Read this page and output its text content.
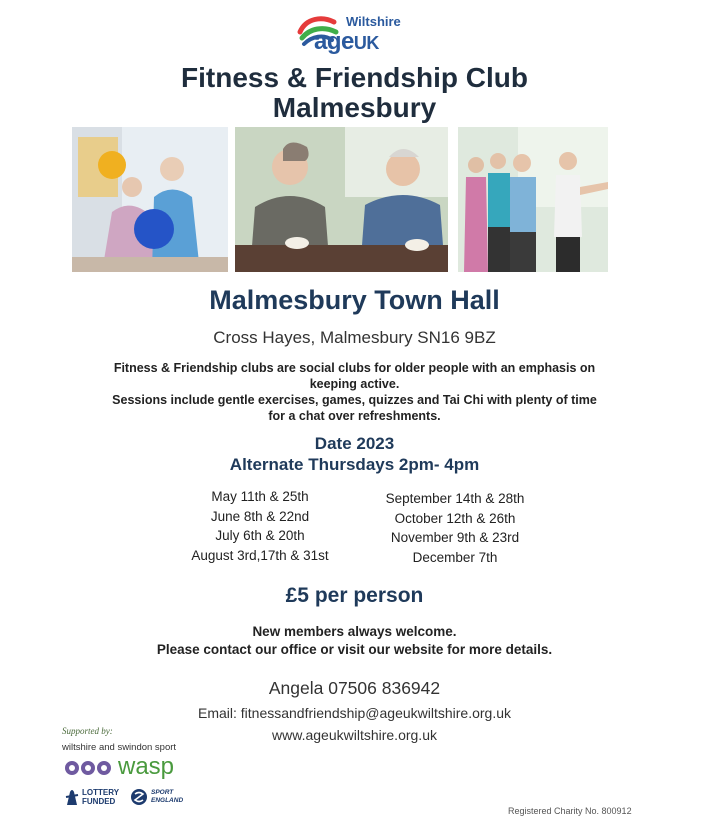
Wiltshire
ageUK
Fitness & Friendship Club
Malmesbury
Malmesbury Town Hall
Cross Hayes, Malmesbury SN16 9BZ
Fitness & Friendship clubs are social clubs for older people with an emphasis on
keeping active.
Sessions include gentle exercises, games, quizzes and Tai Chi with plenty of time
for a chat over refreshments.
Date 2023
Alternate Thursdays 2pm- 4pm
May 11th & 25th
June 8th & 22nd
July 6th & 20th
August 3rd,17th & 31st
September 14th & 28th
October 12th & 26th
November 9th & 23rd
December 7th
£5 per person
New members always welcome.
Please contact our office or visit our website for more details.
Angela 07506 836942
Email: fitnessandfriendship@ageukwiltshire.org.uk
www.ageukwiltshire.org.uk
Supported by:
wiltshire and swindon sport
wasp
LOTTERY
FUNDED
SPORT
ENGLAND
Registered Charity No. 800912
